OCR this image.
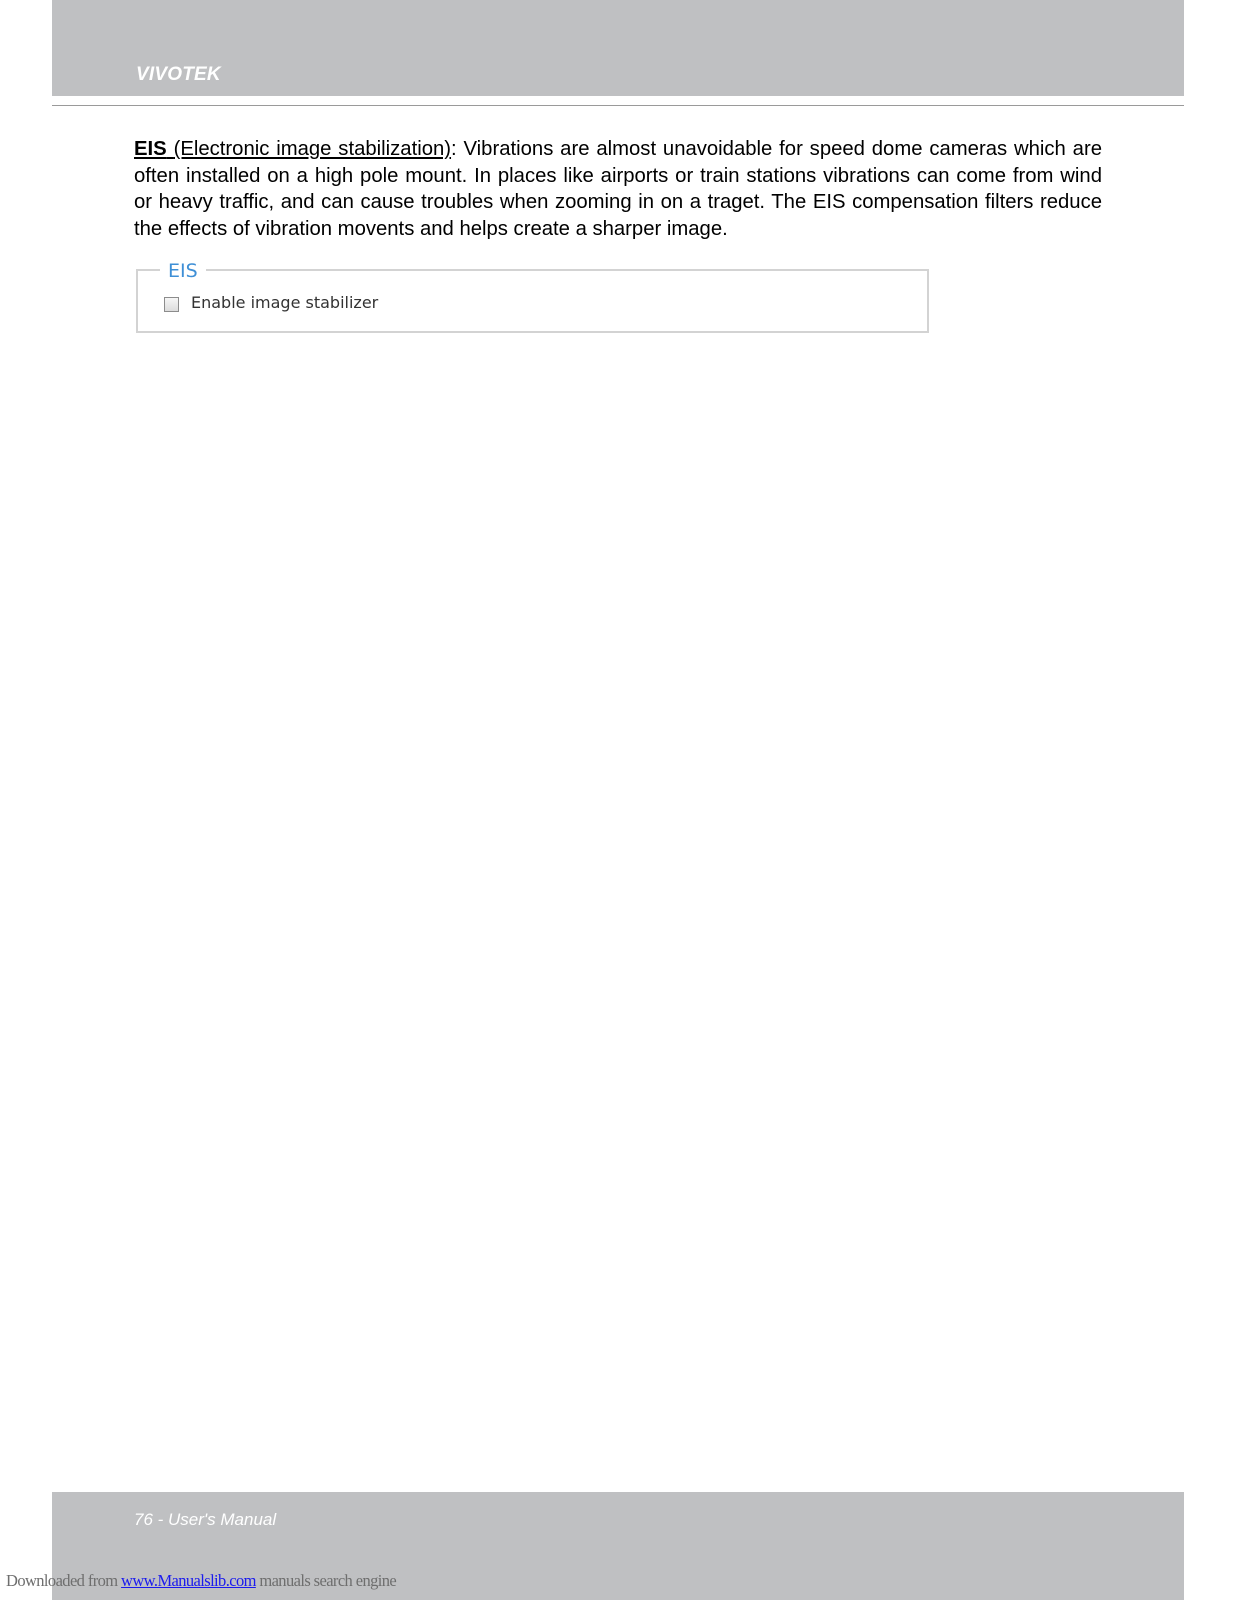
VIVOTEK

EIS (Electronic image stabilization): Vibrations are almost unavoidable for speed dome cameras which are often installed on a high pole mount. In places like airports or train stations vibrations can come from wind or heavy traffic, and can cause troubles when zooming in on a traget. The EIS compensation filters reduce the effects of vibration movents and helps create a sharper image.

EIS
Enable image stabilizer
76 - User's Manual
Downloaded from www.Manualslib.com manuals search engine
